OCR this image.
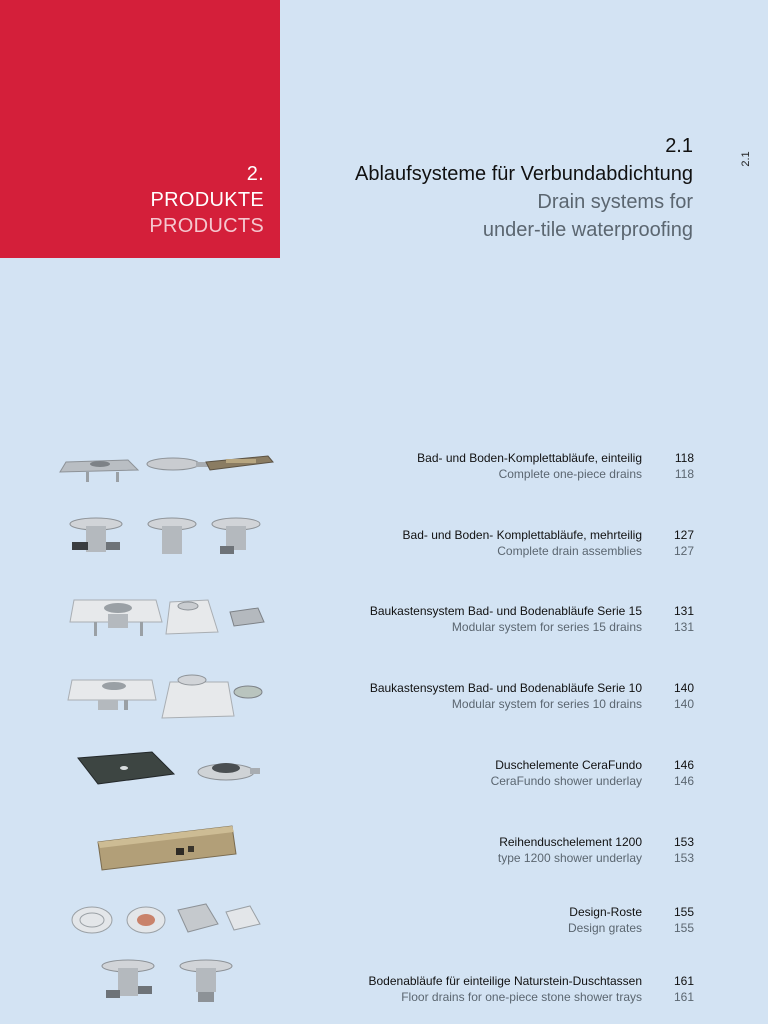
2.
PRODUKTE
PRODUCTS
2.1
Ablaufsysteme für Verbundabdichtung
Drain systems for
under-tile waterproofing
2.1
Bad- und Boden-Komplettabläufe, einteilig	118
Complete one-piece drains	118
Bad- und Boden- Komplettabläufe, mehrteilig	127
Complete drain assemblies	127
Baukastensystem Bad- und Bodenabläufe Serie 15	131
Modular system for series 15 drains	131
Baukastensystem Bad- und Bodenabläufe Serie 10	140
Modular system for series 10 drains	140
Duschelemente CeraFundo	146
CeraFundo shower underlay	146
Reihenduschelement 1200	153
type 1200 shower underlay	153
Design-Roste	155
Design grates	155
Bodenabläufe für einteilige Naturstein-Duschtassen	161
Floor drains for one-piece stone shower trays	161
